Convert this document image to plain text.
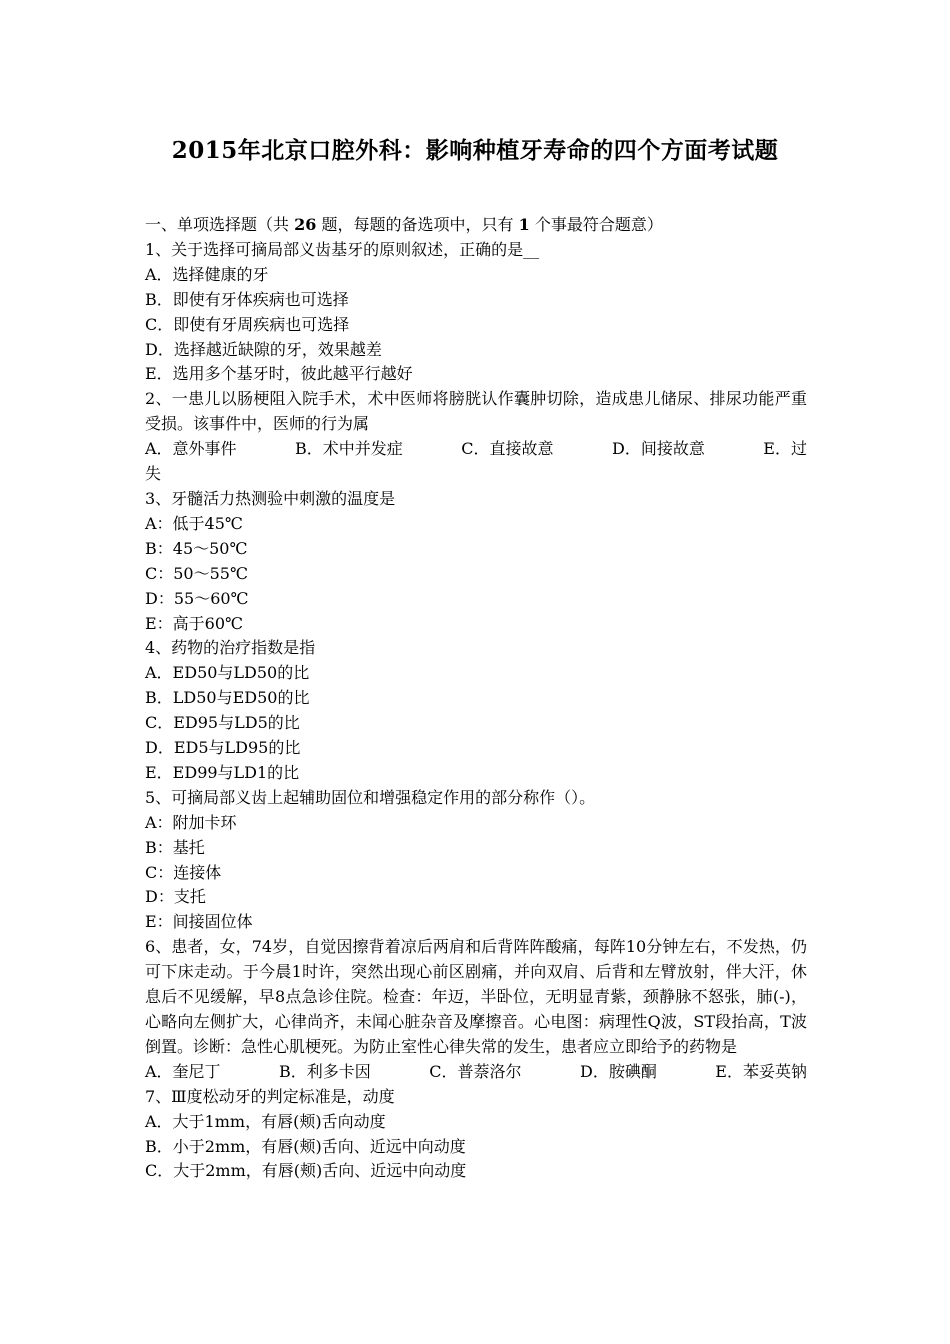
2015年北京口腔外科：影响种植牙寿命的四个方面考试题
一、单项选择题（共 26 题，每题的备选项中，只有 1 个事最符合题意）
1、关于选择可摘局部义齿基牙的原则叙述，正确的是__
A．选择健康的牙
B．即使有牙体疾病也可选择
C．即使有牙周疾病也可选择
D．选择越近缺隙的牙，效果越差
E．选用多个基牙时，彼此越平行越好
2、一患儿以肠梗阻入院手术，术中医师将膀胱认作囊肿切除，造成患儿储尿、排尿功能严重受损。该事件中，医师的行为属
A．意外事件	B．术中并发症	C．直接故意	D．间接故意	E．过
失
3、牙髓活力热测验中刺激的温度是
A：低于45℃
B：45～50℃
C：50～55℃
D：55～60℃
E：高于60℃
4、药物的治疗指数是指
A．ED50与LD50的比
B．LD50与ED50的比
C．ED95与LD5的比
D．ED5与LD95的比
E．ED99与LD1的比
5、可摘局部义齿上起辅助固位和增强稳定作用的部分称作（）。
A：附加卡环
B：基托
C：连接体
D：支托
E：间接固位体
6、患者，女，74岁，自觉因擦背着凉后两肩和后背阵阵酸痛，每阵10分钟左右，不发热，仍可下床走动。于今晨1时许，突然出现心前区剧痛，并向双肩、后背和左臂放射，伴大汗，休息后不见缓解，早8点急诊住院。检查：年迈，半卧位，无明显青紫，颈静脉不怒张，肺(-)，心略向左侧扩大，心律尚齐，未闻心脏杂音及摩擦音。心电图：病理性Q波，ST段抬高，T波倒置。诊断：急性心肌梗死。为防止室性心律失常的发生，患者应立即给予的药物是
A．奎尼丁	B．利多卡因	C．普萘洛尔	D．胺碘酮	E．苯妥英钠
7、Ⅲ度松动牙的判定标准是，动度
A．大于1mm，有唇(颊)舌向动度
B．小于2mm，有唇(颊)舌向、近远中向动度
C．大于2mm，有唇(颊)舌向、近远中向动度
